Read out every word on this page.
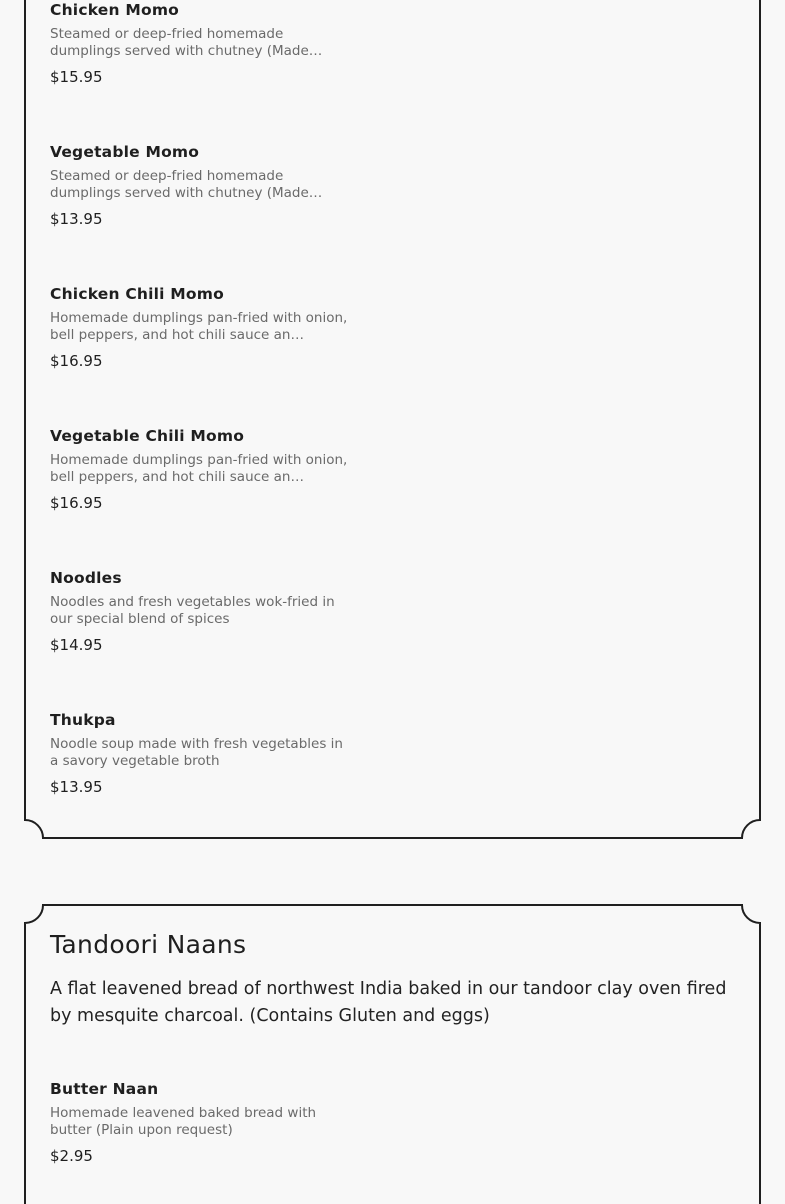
Chicken Momo
Steamed or deep-fried homemade dumplings served with chutney (Made…
$15.95
Vegetable Momo
Steamed or deep-fried homemade dumplings served with chutney (Made…
$13.95
Chicken Chili Momo
Homemade dumplings pan-fried with onion, bell peppers, and hot chili sauce an…
$16.95
Vegetable Chili Momo
Homemade dumplings pan-fried with onion, bell peppers, and hot chili sauce an…
$16.95
Noodles
Noodles and fresh vegetables wok-fried in our special blend of spices
$14.95
Thukpa
Noodle soup made with fresh vegetables in a savory vegetable broth
$13.95
Tandoori Naans
A flat leavened bread of northwest India baked in our tandoor clay oven fired by mesquite charcoal. (Contains Gluten and eggs)
Butter Naan
Homemade leavened baked bread with butter (Plain upon request)
$2.95
